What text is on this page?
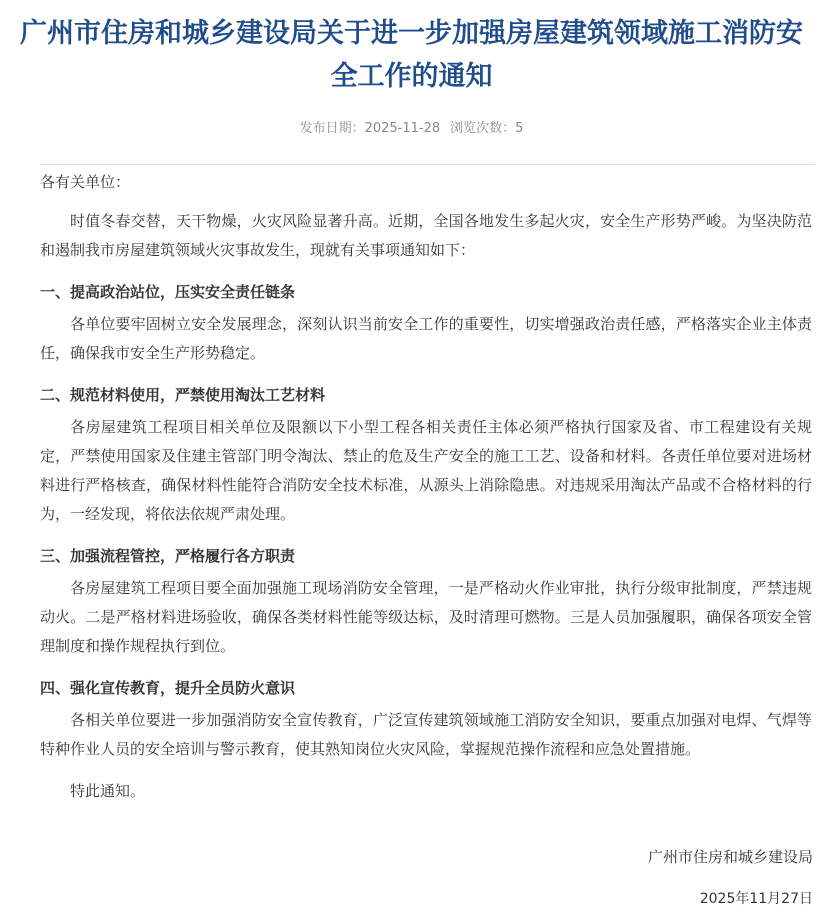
广州市住房和城乡建设局关于进一步加强房屋建筑领域施工消防安全工作的通知
发布日期：2025-11-28 浏览次数：5

各有关单位：

时值冬春交替，天干物燥，火灾风险显著升高。近期，全国各地发生多起火灾，安全生产形势严峻。为坚决防范和遏制我市房屋建筑领域火灾事故发生，现就有关事项通知如下：

一、提高政治站位，压实安全责任链条

各单位要牢固树立安全发展理念，深刻认识当前安全工作的重要性，切实增强政治责任感，严格落实企业主体责任，确保我市安全生产形势稳定。

二、规范材料使用，严禁使用淘汰工艺材料

各房屋建筑工程项目相关单位及限额以下小型工程各相关责任主体必须严格执行国家及省、市工程建设有关规定，严禁使用国家及住建主管部门明令淘汰、禁止的危及生产安全的施工工艺、设备和材料。各责任单位要对进场材料进行严格核查，确保材料性能符合消防安全技术标准，从源头上消除隐患。对违规采用淘汰产品或不合格材料的行为，一经发现，将依法依规严肃处理。

三、加强流程管控，严格履行各方职责

各房屋建筑工程项目要全面加强施工现场消防安全管理，一是严格动火作业审批，执行分级审批制度，严禁违规动火。二是严格材料进场验收，确保各类材料性能等级达标，及时清理可燃物。三是人员加强履职，确保各项安全管理制度和操作规程执行到位。

四、强化宣传教育，提升全员防火意识

各相关单位要进一步加强消防安全宣传教育，广泛宣传建筑领域施工消防安全知识，要重点加强对电焊、气焊等特种作业人员的安全培训与警示教育，使其熟知岗位火灾风险，掌握规范操作流程和应急处置措施。

特此通知。

广州市住房和城乡建设局
2025年11月27日
